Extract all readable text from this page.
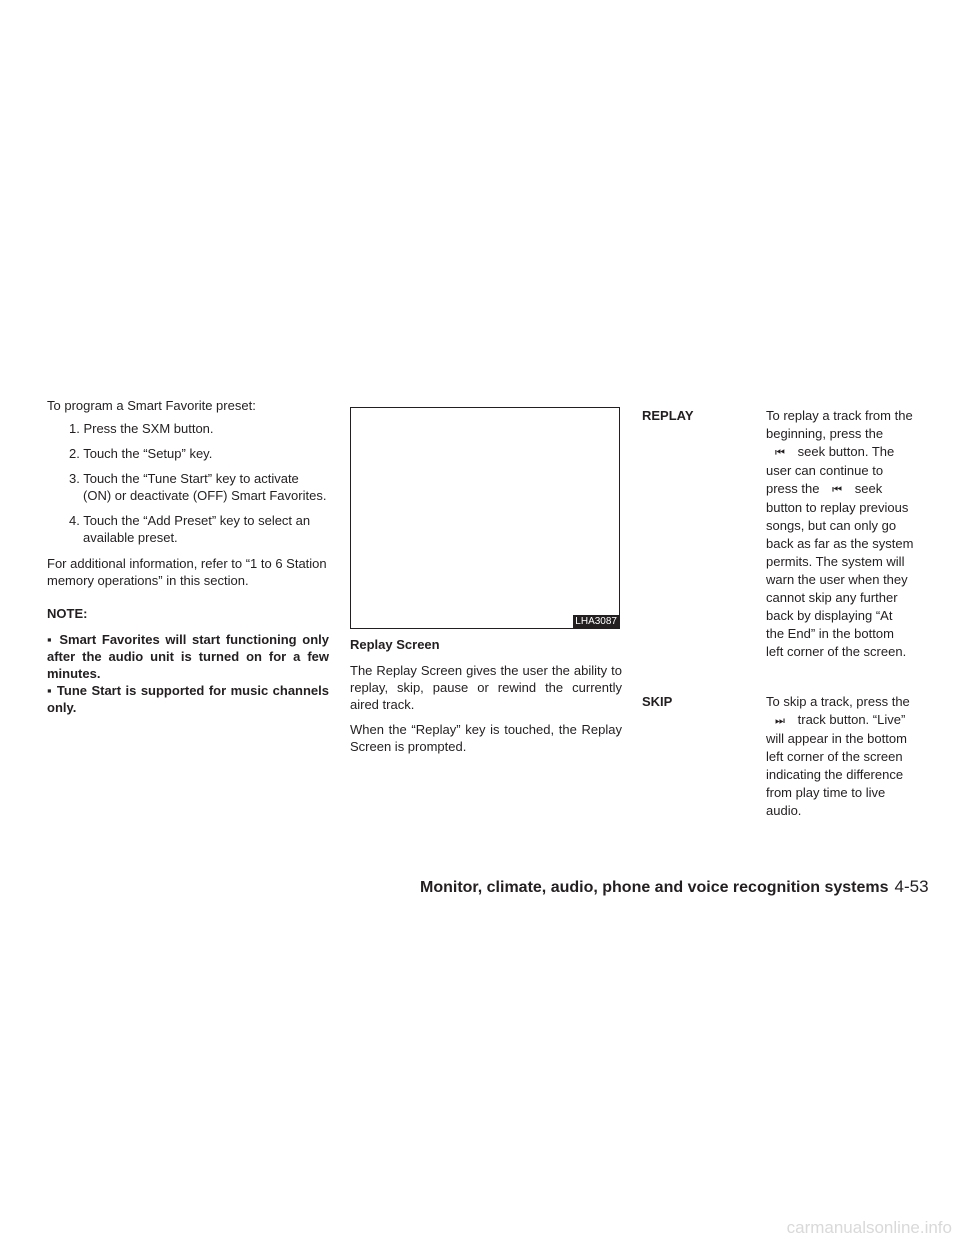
To program a Smart Favorite preset:

1. Press the SXM button.
2. Touch the “Setup” key.
3. Touch the “Tune Start” key to activate (ON) or deactivate (OFF) Smart Favorites.
4. Touch the “Add Preset” key to select an available preset.

For additional information, refer to “1 to 6 Station memory operations” in this section.

NOTE:

▪ Smart Favorites will start functioning only after the audio unit is turned on for a few minutes.

▪ Tune Start is supported for music channels only.

LHA3087

Replay Screen

The Replay Screen gives the user the ability to replay, skip, pause or rewind the currently aired track.

When the “Replay” key is touched, the Replay Screen is prompted.

REPLAY	To replay a track from the beginning, press the ⏮ seek button. The user can continue to press the ⏮ seek button to replay previous songs, but can only go back as far as the system permits. The system will warn the user when they cannot skip any further back by displaying “At the End” in the bottom left corner of the screen.
SKIP	To skip a track, press the ⏭ track button. “Live” will appear in the bottom left corner of the screen indicating the difference from play time to live audio.
Monitor, climate, audio, phone and voice recognition systems 4-53
carmanualsonline.info
